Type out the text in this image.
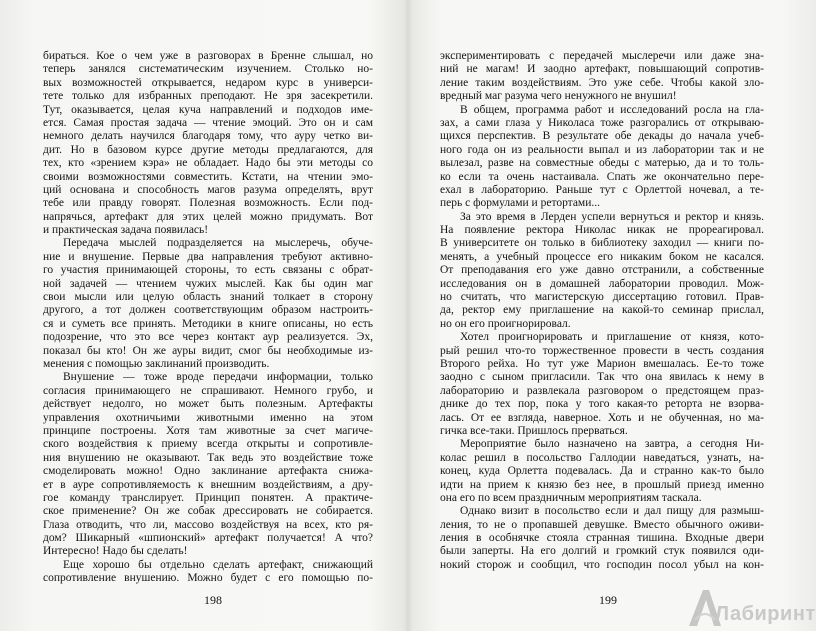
бираться. Кое о чем уже в разговорах в Бренне слышал, но
теперь занялся систематическим изучением. Столько но-
вых возможностей открывается, недаром курс в универси-
тете только для избранных преподают. Не зря засекретили.
Тут, оказывается, целая куча направлений и подходов име-
ется. Самая простая задача — чтение эмоций. Это он и сам
немного делать научился благодаря тому, что ауру четко ви-
дит. Но в базовом курсе другие методы предлагаются, для
тех, кто «зрением кэра» не обладает. Надо бы эти методы со
своими возможностями совместить. Кстати, на чтении эмо-
ций основана и способность магов разума определять, врут
тебе или правду говорят. Полезная возможность. Если под-
напрячься, артефакт для этих целей можно придумать. Вот
и практическая задача появилась!
Передача мыслей подразделяется на мыслеречь, обуче-
ние и внушение. Первые два направления требуют активно-
го участия принимающей стороны, то есть связаны с обрат-
ной задачей — чтением чужих мыслей. Как бы один маг
свои мысли или целую область знаний толкает в сторону
другого, а тот должен соответствующим образом настроить-
ся и суметь все принять. Методики в книге описаны, но есть
подозрение, что это все через контакт аур реализуется. Эх,
показал бы кто! Он же ауры видит, смог бы необходимые из-
менения с помощью заклинаний производить.
Внушение — тоже вроде передачи информации, только
согласия принимающего не спрашивают. Немного грубо, и
действует недолго, но может быть полезным. Артефакты
управления охотничьими животными именно на этом
принципе построены. Хотя там животные за счет магиче-
ского воздействия к приему всегда открыты и сопротивле-
ния внушению не оказывают. Так ведь это воздействие тоже
смоделировать можно! Одно заклинание артефакта снижа-
ет в ауре сопротивляемость к внешним воздействиям, а дру-
гое команду транслирует. Принцип понятен. А практиче-
ское применение? Он же собак дрессировать не собирается.
Глаза отводить, что ли, массово воздействуя на всех, кто ря-
дом? Шикарный «шпионский» артефакт получается! А что?
Интересно! Надо бы сделать!
Еще хорошо бы отдельно сделать артефакт, снижающий
сопротивление внушению. Можно будет с его помощью по-
экспериментировать с передачей мыслеречи или даже зна-
ний не магам! И заодно артефакт, повышающий сопротив-
ление таким воздействиям. Это уже себе. Чтобы какой зло-
вредный маг разума чего ненужного не внушил!
В общем, программа работ и исследований росла на гла-
зах, а сами глаза у Николаса тоже разгорались от открываю-
щихся перспектив. В результате обе декады до начала учеб-
ного года он из реальности выпал и из лаборатории так и не
вылезал, разве на совместные обеды с матерью, да и то толь-
ко если та очень настаивала. Спать же окончательно пере-
ехал в лабораторию. Раньше тут с Орлеттой ночевал, а те-
перь с формулами и ретортами...
За это время в Лерден успели вернуться и ректор и князь.
На появление ректора Николас никак не прореагировал.
В университете он только в библиотеку заходил — книги по-
менять, а учебный процессе его никаким боком не касался.
От преподавания его уже давно отстранили, а собственные
исследования он в домашней лаборатории проводил. Мож-
но считать, что магистерскую диссертацию готовил. Прав-
да, ректор ему приглашение на какой-то семинар прислал,
но он его проигнорировал.
Хотел проигнорировать и приглашение от князя, кото-
рый решил что-то торжественное провести в честь создания
Второго рейха. Но тут уже Марион вмешалась. Ее-то тоже
заодно с сыном пригласили. Так что она явилась к нему в
лабораторию и развлекала разговором о предстоящем праз-
днике до тех пор, пока у того какая-то реторта не взорва-
лась. От ее взгляда, наверное. Хоть и не обученная, но ма-
гичка все-таки. Пришлось прерваться.
Мероприятие было назначено на завтра, а сегодня Ни-
колас решил в посольство Галлодии наведаться, узнать, на-
конец, куда Орлетта подевалась. Да и странно как-то было
идти на прием к князю без нее, в прошлый приезд именно
она его по всем праздничным мероприятиям таскала.
Однако визит в посольство если и дал пищу для размыш-
ления, то не о пропавшей девушке. Вместо обычного оживи-
ления в особнячке стояла странная тишина. Входные двери
были заперты. На его долгий и громкий стук появился оди-
нокий сторож и сообщил, что господин посол убыл на кон-
198	199
Лабиринт
